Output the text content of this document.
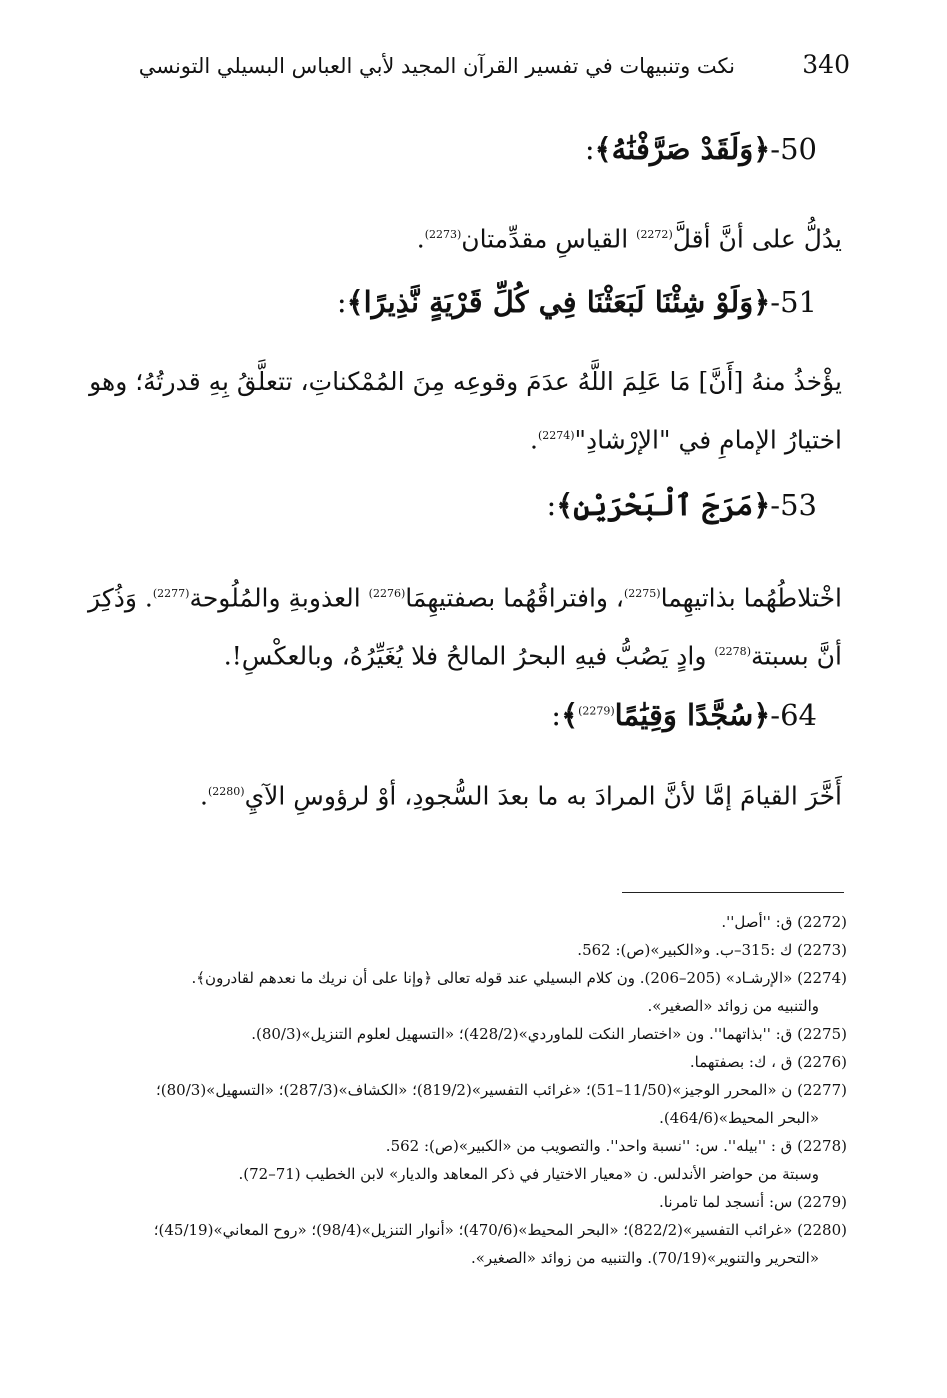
340
نكت وتنبيهات في تفسير القرآن المجيد لأبي العباس البسيلي التونسي
50-﴿وَلَقَدْ صَرَّفْنَٰهُ﴾:
يدُلُّ على أنَّ أقلَّ$^{(2272)}$ القياسِ مقدِّمتان$^{(2273)}$.
51-﴿وَلَوْ شِئْنَا لَبَعَثْنَا فِي كُلِّ قَرْيَةٍ نَّذِيرًا﴾:
يؤْخذُ منهُ [أَنَّ] مَا عَلِمَ اللَّهُ عدَمَ وقوعِه مِنَ المُمْكناتِ، تتعلَّقُ بِهِ قدرتُهُ؛ وهو اختيارُ الإمامِ في "الإرْشادِ"$^{(2274)}$.
53-﴿مَرَجَ ٱلْبَحْرَيْنِ﴾:
اخْتلاطُهُما بذاتيهِما$^{(2275)}$، وافتراقُهُما بصفتيهِمَا$^{(2276)}$ العذوبةِ والمُلُوحة$^{(2277)}$. وَذُكِرَ أنَّ بسبتة$^{(2278)}$ وادٍ يَصُبُّ فيهِ البحرُ المالحُ فلا يُغَيِّرُهُ، وبالعكْسِ!.
64-﴿سُجَّدًا وَقِيَٰمًا$^{(2279)}$﴾:
أَخَّرَ القيامَ إمَّا لأنَّ المرادَ به ما بعدَ السُّجودِ، أوْ لرؤوسِ الآيِ$^{(2280)}$.
(2272) ق: ''أصل''.
(2273) ك :315–ب. و«الكبير»(ص): 562.
(2274) «الإرشـاد» (205–206). ون كلام البسيلي عند قوله تعالى ﴿وإنا على أن نريك ما نعدهم لقادرون﴾.
والتنبيه من زوائد «الصغير».
(2275) ق: ''بذاتهما''. ون «اختصار النكت للماوردي»(428/2)؛ «التسهيل لعلوم التنزيل»(80/3).
(2276) ق ، ك: بصفتهما.
(2277) ن «المحرر الوجيز»(11/50–51)؛ «غرائب التفسير»(819/2)؛ «الكشاف»(287/3)؛ «التسهيل»(80/3)؛
«البحر المحيط»(464/6).
(2278) ق : ''بيله''. س: ''نسبة واحد''. والتصويب من «الكبير»(ص): 562.
وسبتة من حواضر الأندلس. ن «معيار الاختيار في ذكر المعاهد والديار» لابن الخطيب (71–72).
(2279) س: أنسجد لما تامرنا.
(2280) «غرائب التفسير»(822/2)؛ «البحر المحيط»(470/6)؛ «أنوار التنزيل»(98/4)؛ «روح المعاني»(45/19)؛
«التحرير والتنوير»(70/19). والتنبيه من زوائد «الصغير».
